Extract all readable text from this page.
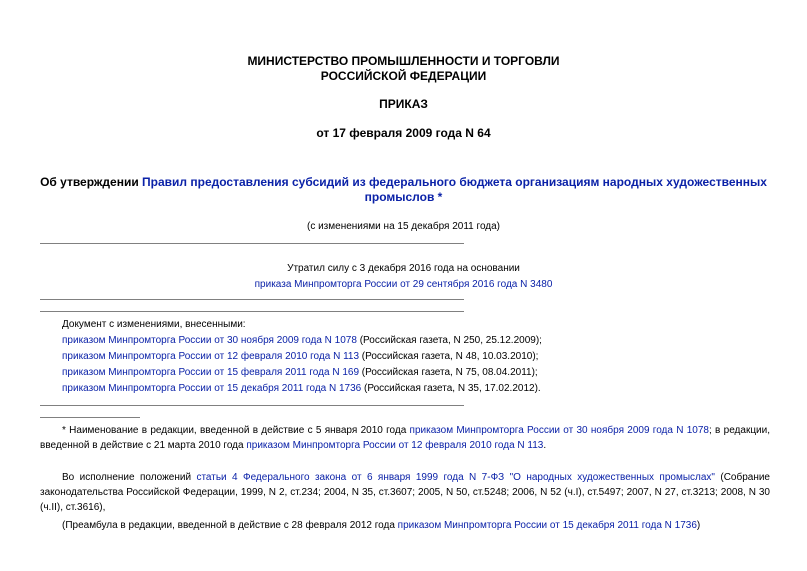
МИНИСТЕРСТВО ПРОМЫШЛЕННОСТИ И ТОРГОВЛИ
РОССИЙСКОЙ ФЕДЕРАЦИИ
ПРИКАЗ
от 17 февраля 2009 года N 64
Об утверждении Правил предоставления субсидий из федерального бюджета организациям народных художественных промыслов *
(с изменениями на 15 декабря 2011 года)
Утратил силу с 3 декабря 2016 года на основании
приказа Минпромторга России от 29 сентября 2016 года N 3480
Документ с изменениями, внесенными:
приказом Минпромторга России от 30 ноября 2009 года N 1078 (Российская газета, N 250, 25.12.2009);
приказом Минпромторга России от 12 февраля 2010 года N 113 (Российская газета, N 48, 10.03.2010);
приказом Минпромторга России от 15 февраля 2011 года N 169 (Российская газета, N 75, 08.04.2011);
приказом Минпромторга России от 15 декабря 2011 года N 1736 (Российская газета, N 35, 17.02.2012).
* Наименование в редакции, введенной в действие с 5 января 2010 года приказом Минпромторга России от 30 ноября 2009 года N 1078; в редакции, введенной в действие с 21 марта 2010 года приказом Минпромторга России от 12 февраля 2010 года N 113.
Во исполнение положений статьи 4 Федерального закона от 6 января 1999 года N 7-ФЗ "О народных художественных промыслах" (Собрание законодательства Российской Федерации, 1999, N 2, ст.234; 2004, N 35, ст.3607; 2005, N 50, ст.5248; 2006, N 52 (ч.I), ст.5497; 2007, N 27, ст.3213; 2008, N 30 (ч.II), ст.3616),
(Преамбула в редакции, введенной в действие с 28 февраля 2012 года приказом Минпромторга России от 15 декабря 2011 года N 1736)
